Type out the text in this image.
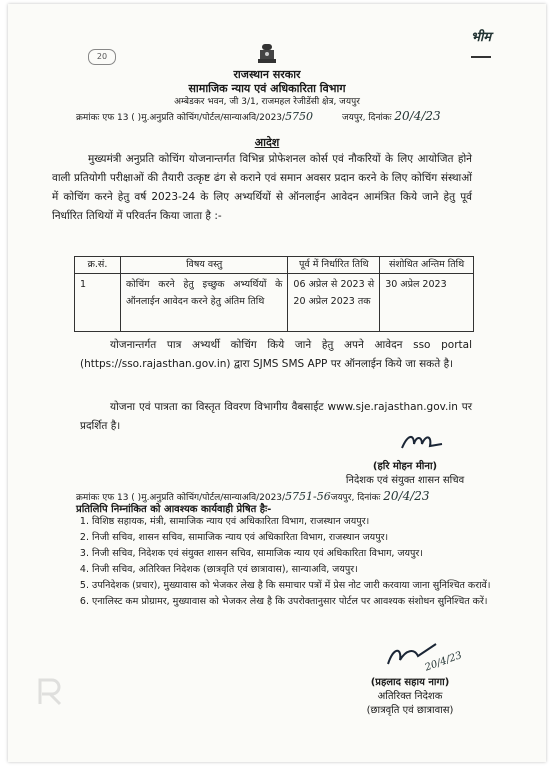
20
भीम
राजस्थान सरकार
सामाजिक न्याय एवं अधिकारिता विभाग
अम्बेडकर भवन, जी 3/1, राजमहल रेजीडेंसी क्षेत्र, जयपुर
क्रमांकः एफ 13 ( )मु.अनुप्रति कोचिंग/पोर्टल/सान्याअवि/2023/5750	जयपुर, दिनांकः 20/4/23
आदेश
मुख्यमंत्री अनुप्रति कोचिंग योजनान्तर्गत विभिन्न प्रोफेशनल कोर्स एवं नौकरियों के लिए आयोजित होने वाली प्रतियोगी परीक्षाओं की तैयारी उत्कृष्ट ढंग से कराने एवं समान अवसर प्रदान करने के लिए कोचिंग संस्थाओं में कोचिंग करने हेतु वर्ष 2023-24 के लिए अभ्यर्थियों से ऑनलाईन आवेदन आमंत्रित किये जाने हेतु पूर्व निर्धारित तिथियों में परिवर्तन किया जाता है :-
क्र.सं.	विषय वस्तु	पूर्व में निर्धारित तिथि	संशोधित अन्तिम तिथि
1	कोचिंग करने हेतु इच्छुक अभ्यर्थियों के ऑनलाईन आवेदन करने हेतु अंतिम तिथि	06 अप्रेल से 2023 से 20 अप्रेल 2023 तक	30 अप्रेल 2023
योजनान्तर्गत पात्र अभ्यर्थी कोचिंग किये जाने हेतु अपने आवेदन sso portal (https://sso.rajasthan.gov.in) द्वारा SJMS SMS APP पर ऑनलाईन किये जा सकते है।
योजना एवं पात्रता का विस्तृत विवरण विभागीय वैबसाईट www.sje.rajasthan.gov.in पर प्रदर्शित है।
(हरि मोहन मीना)
निदेशक एवं संयुक्त शासन सचिव
क्रमांकः एफ 13 ( )मु.अनुप्रति कोचिंग/पोर्टल/सान्याअवि/2023/5751-56जयपुर, दिनांकः 20/4/23
प्रतिलिपि निम्नांकित को आवश्यक कार्यवाही प्रेषित हैः-
1. विशिष्ठ सहायक, मंत्री, सामाजिक न्याय एवं अधिकारिता विभाग, राजस्थान जयपुर।
2. निजी सचिव, शासन सचिव, सामाजिक न्याय एवं अधिकारिता विभाग, राजस्थान जयपुर।
3. निजी सचिव, निदेशक एवं संयुक्त शासन सचिव, सामाजिक न्याय एवं अधिकारिता विभाग, जयपुर।
4. निजी सचिव, अतिरिक्त निदेशक (छात्रवृति एवं छात्रावास), सान्याअवि, जयपुर।
5. उपनिदेशक (प्रचार), मुख्यावास को भेजकर लेख है कि समाचार पत्रों में प्रेस नोट जारी करवाया जाना सुनिश्चित करावें।
6. एनालिस्ट कम प्रोग्रामर, मुख्यावास को भेजकर लेख है कि उपरोक्तानुसार पोर्टल पर आवश्यक संशोधन सुनिश्चित करें।
20/4/23
(प्रहलाद सहाय नागा)
अतिरिक्त निदेशक
(छात्रवृति एवं छात्रावास)
